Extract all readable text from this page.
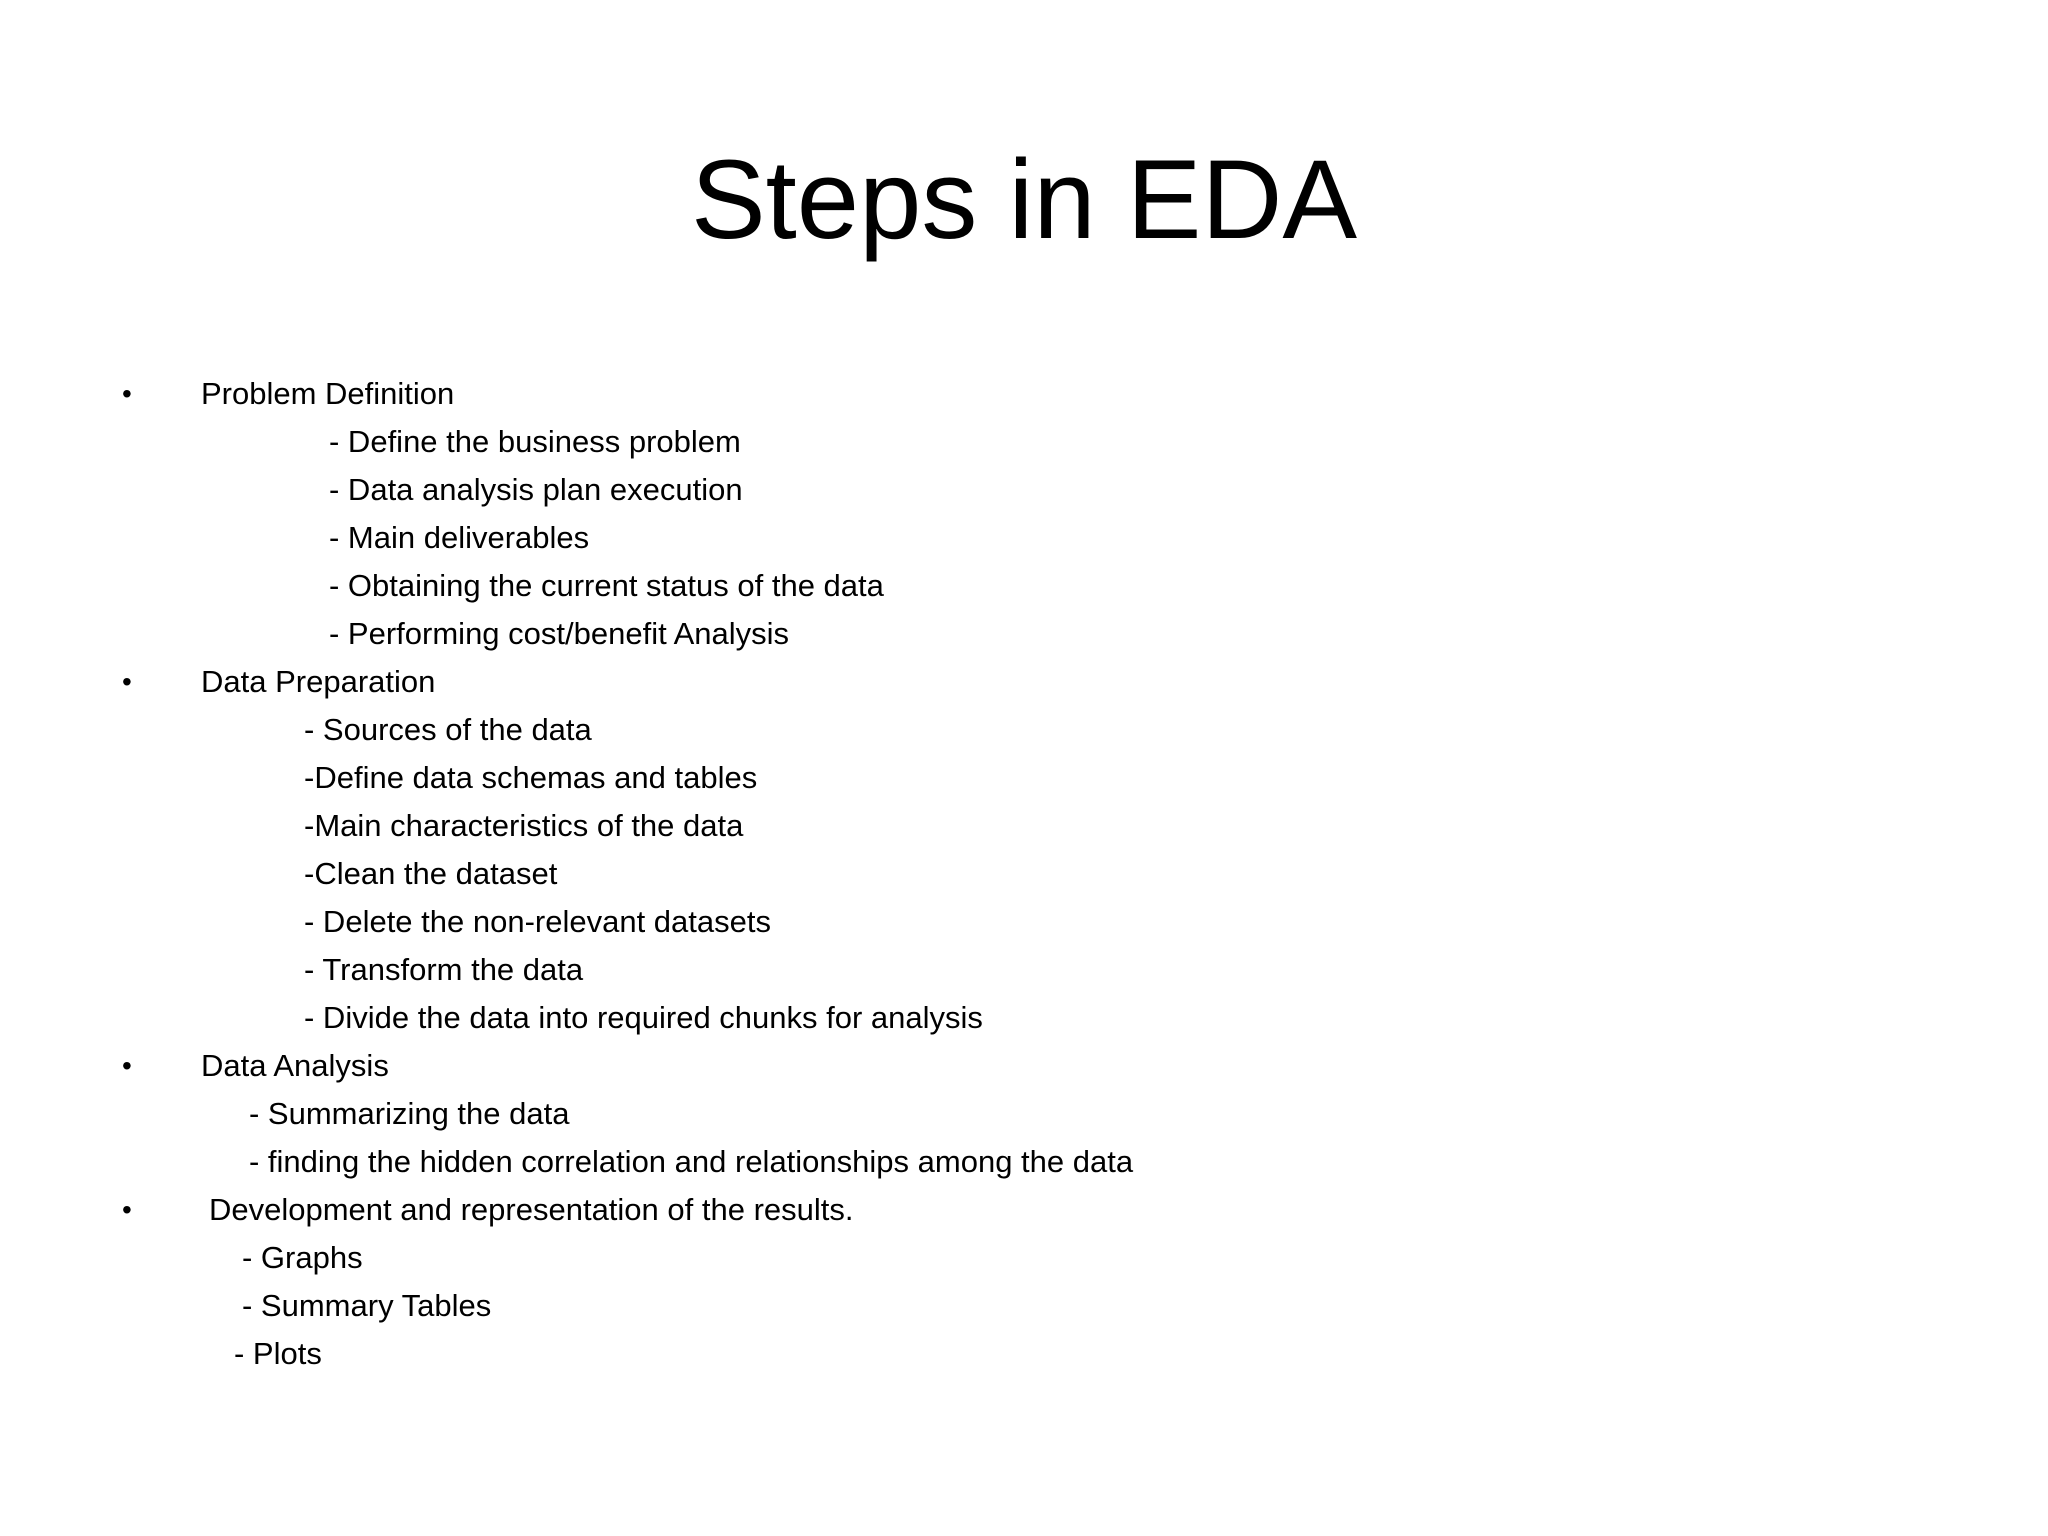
Steps in EDA
• Problem Definition
- Define the business problem
- Data analysis plan execution
- Main deliverables
- Obtaining the current status of the data
- Performing cost/benefit Analysis
• Data Preparation
- Sources of the data
-Define data schemas and tables
-Main characteristics of the data
-Clean the dataset
- Delete the non-relevant datasets
- Transform the data
- Divide the data into required chunks for analysis
• Data Analysis
- Summarizing the data
- finding the hidden correlation and relationships among the data
• Development and representation of the results.
- Graphs
- Summary Tables
- Plots
